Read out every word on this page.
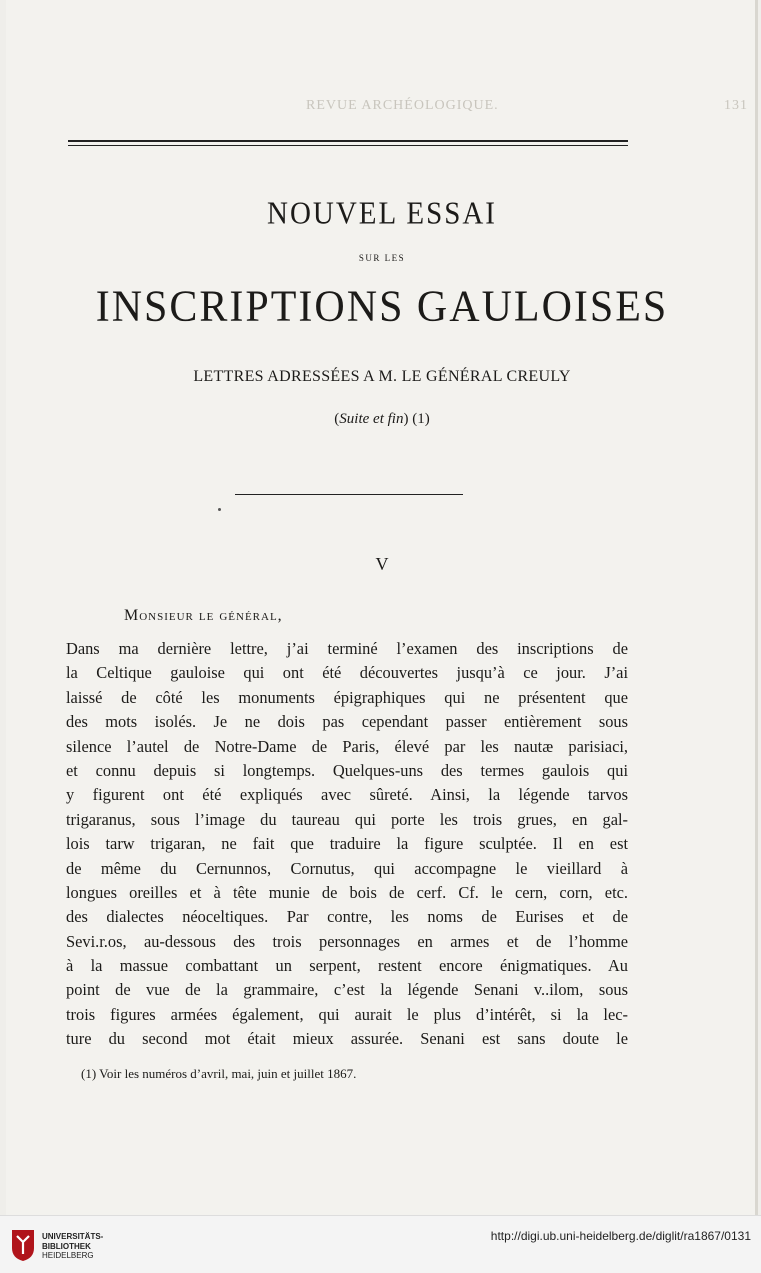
REVUE ARCHÉOLOGIQUE.	131
NOUVEL ESSAI
SUR LES
INSCRIPTIONS GAULOISES
LETTRES ADRESSÉES A M. LE GÉNÉRAL CREULY
(Suite et fin) (1)
V
Monsieur le général,
Dans ma dernière lettre, j’ai terminé l’examen des inscriptions de
la Celtique gauloise qui ont été découvertes jusqu’à ce jour. J’ai
laissé de côté les monuments épigraphiques qui ne présentent que
des mots isolés. Je ne dois pas cependant passer entièrement sous
silence l’autel de Notre-Dame de Paris, élevé par les nautæ parisiaci,
et connu depuis si longtemps. Quelques-uns des termes gaulois qui
y figurent ont été expliqués avec sûreté. Ainsi, la légende tarvos
trigaranus, sous l’image du taureau qui porte les trois grues, en gal-
lois tarw trigaran, ne fait que traduire la figure sculptée. Il en est
de même du Cernunnos, Cornutus, qui accompagne le vieillard à
longues oreilles et à tête munie de bois de cerf. Cf. le cern, corn, etc.
des dialectes néoceltiques. Par contre, les noms de Eurises et de
Sevi.r.os, au-dessous des trois personnages en armes et de l’homme
à la massue combattant un serpent, restent encore énigmatiques. Au
point de vue de la grammaire, c’est la légende Senani v..ilom, sous
trois figures armées également, qui aurait le plus d’intérêt, si la lec-
ture du second mot était mieux assurée. Senani est sans doute le
(1) Voir les numéros d’avril, mai, juin et juillet 1867.
UNIVERSITÄTS-
BIBLIOTHEK
HEIDELBERG
http://digi.ub.uni-heidelberg.de/diglit/ra1867/0131
